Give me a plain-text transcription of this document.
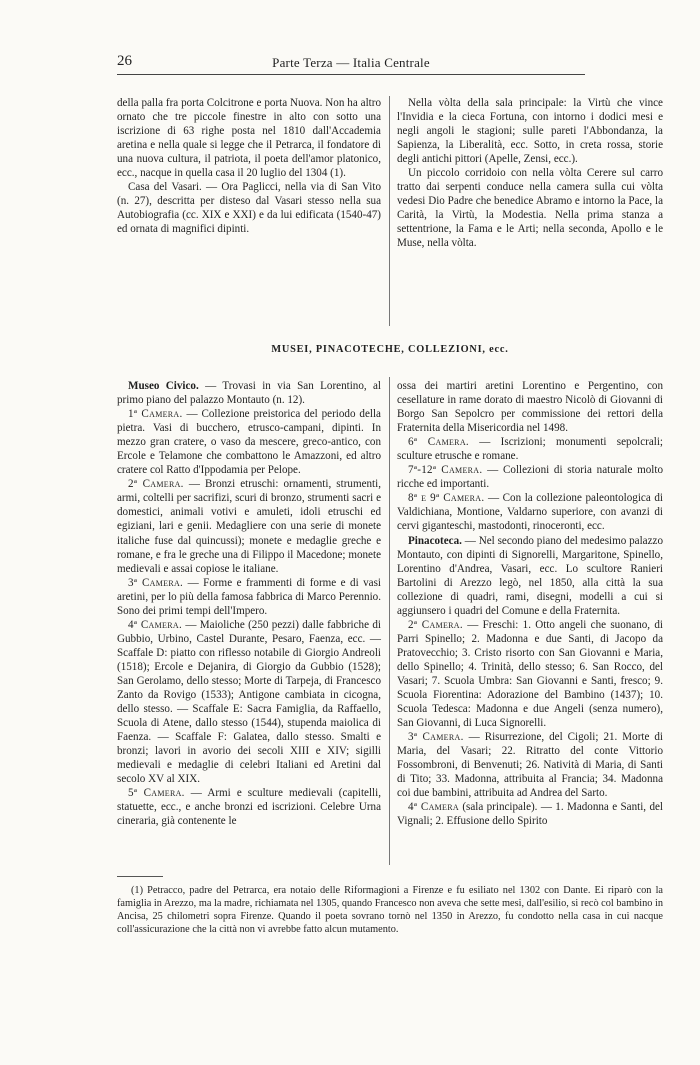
26	Parte Terza — Italia Centrale

della palla fra porta Colcitrone e porta Nuova. Non ha altro ornato che tre piccole finestre in alto con sotto una iscrizione di 63 righe posta nel 1810 dall'Accademia aretina e nella quale si legge che il Petrarca, il fondatore di una nuova cultura, il patriota, il poeta dell'amor platonico, ecc., nacque in quella casa il 20 luglio del 1304 (1).

Casa del Vasari. — Ora Paglicci, nella via di San Vito (n. 27), descritta per disteso dal Vasari stesso nella sua Autobiografia (cc. XIX e XXI) e da lui edificata (1540-47) ed ornata di magnifici dipinti.

Nella vòlta della sala principale: la Virtù che vince l'Invidia e la cieca Fortuna, con intorno i dodici mesi e negli angoli le stagioni; sulle pareti l'Abbondanza, la Sapienza, la Liberalità, ecc. Sotto, in creta rossa, storie degli antichi pittori (Apelle, Zensi, ecc.).

Un piccolo corridoio con nella vòlta Cerere sul carro tratto dai serpenti conduce nella camera sulla cui vòlta vedesi Dio Padre che benedice Abramo e intorno la Pace, la Carità, la Virtù, la Modestia. Nella prima stanza a settentrione, la Fama e le Arti; nella seconda, Apollo e le Muse, nella vòlta.

MUSEI, PINACOTECHE, COLLEZIONI, ecc.

Museo Civico. — Trovasi in via San Lorentino, al primo piano del palazzo Montauto (n. 12).

1ª Camera. — Collezione preistorica del periodo della pietra. Vasi di bucchero, etrusco-campani, dipinti. In mezzo gran cratere, o vaso da mescere, greco-antico, con Ercole e Telamone che combattono le Amazzoni, ed altro cratere col Ratto d'Ippodamia per Pelope.

2ª Camera. — Bronzi etruschi: ornamenti, strumenti, armi, coltelli per sacrifizi, scuri di bronzo, strumenti sacri e domestici, animali votivi e amuleti, idoli etruschi ed egiziani, lari e genii. Medagliere con una serie di monete italiche fuse dal quincussi); monete e medaglie greche e romane, e fra le greche una di Filippo il Macedone; monete medievali e assai copiose le italiane.

3ª Camera. — Forme e frammenti di forme e di vasi aretini, per lo più della famosa fabbrica di Marco Perennio. Sono dei primi tempi dell'Impero.

4ª Camera. — Maioliche (250 pezzi) dalle fabbriche di Gubbio, Urbino, Castel Durante, Pesaro, Faenza, ecc. — Scaffale D: piatto con riflesso notabile di Giorgio Andreoli (1518); Ercole e Dejanira, di Giorgio da Gubbio (1528); San Gerolamo, dello stesso; Morte di Tarpeja, di Francesco Zanto da Rovigo (1533); Antigone cambiata in cicogna, dello stesso. — Scaffale E: Sacra Famiglia, da Raffaello, Scuola di Atene, dallo stesso (1544), stupenda maiolica di Faenza. — Scaffale F: Galatea, dallo stesso. Smalti e bronzi; lavori in avorio dei secoli XIII e XIV; sigilli medievali e medaglie di celebri Italiani ed Aretini dal secolo XV al XIX.

5ª Camera. — Armi e sculture medievali (capitelli, statuette, ecc., e anche bronzi ed iscrizioni. Celebre Urna cineraria, già contenente le

ossa dei martiri aretini Lorentino e Pergentino, con cesellature in rame dorato di maestro Nicolò di Giovanni di Borgo San Sepolcro per commissione dei rettori della Fraternita della Misericordia nel 1498.

6ª Camera. — Iscrizioni; monumenti sepolcrali; sculture etrusche e romane.

7ª-12ª Camera. — Collezioni di storia naturale molto ricche ed importanti.

8ª e 9ª Camera. — Con la collezione paleontologica di Valdichiana, Montione, Valdarno superiore, con avanzi di cervi giganteschi, mastodonti, rinoceronti, ecc.

Pinacoteca. — Nel secondo piano del medesimo palazzo Montauto, con dipinti di Signorelli, Margaritone, Spinello, Lorentino d'Andrea, Vasari, ecc. Lo scultore Ranieri Bartolini di Arezzo legò, nel 1850, alla città la sua collezione di quadri, rami, disegni, modelli a cui si aggiunsero i quadri del Comune e della Fraternita.

2ª Camera. — Freschi: 1. Otto angeli che suonano, di Parri Spinello; 2. Madonna e due Santi, di Jacopo da Pratovecchio; 3. Cristo risorto con San Giovanni e Maria, dello Spinello; 4. Trinità, dello stesso; 6. San Rocco, del Vasari; 7. Scuola Umbra: San Giovanni e Santi, fresco; 9. Scuola Fiorentina: Adorazione del Bambino (1437); 10. Scuola Tedesca: Madonna e due Angeli (senza numero), San Giovanni, di Luca Signorelli.

3ª Camera. — Risurrezione, del Cigoli; 21. Morte di Maria, del Vasari; 22. Ritratto del conte Vittorio Fossombroni, di Benvenuti; 26. Natività di Maria, di Santi di Tito; 33. Madonna, attribuita al Francia; 34. Madonna coi due bambini, attribuita ad Andrea del Sarto.

4ª Camera (sala principale). — 1. Madonna e Santi, del Vignali; 2. Effusione dello Spirito

(1) Petracco, padre del Petrarca, era notaio delle Riformagioni a Firenze e fu esiliato nel 1302 con Dante. Ei riparò con la famiglia in Arezzo, ma la madre, richiamata nel 1305, quando Francesco non aveva che sette mesi, dall'esilio, si recò col bambino in Ancisa, 25 chilometri sopra Firenze. Quando il poeta sovrano tornò nel 1350 in Arezzo, fu condotto nella casa in cui nacque coll'assicurazione che la città non vi avrebbe fatto alcun mutamento.
